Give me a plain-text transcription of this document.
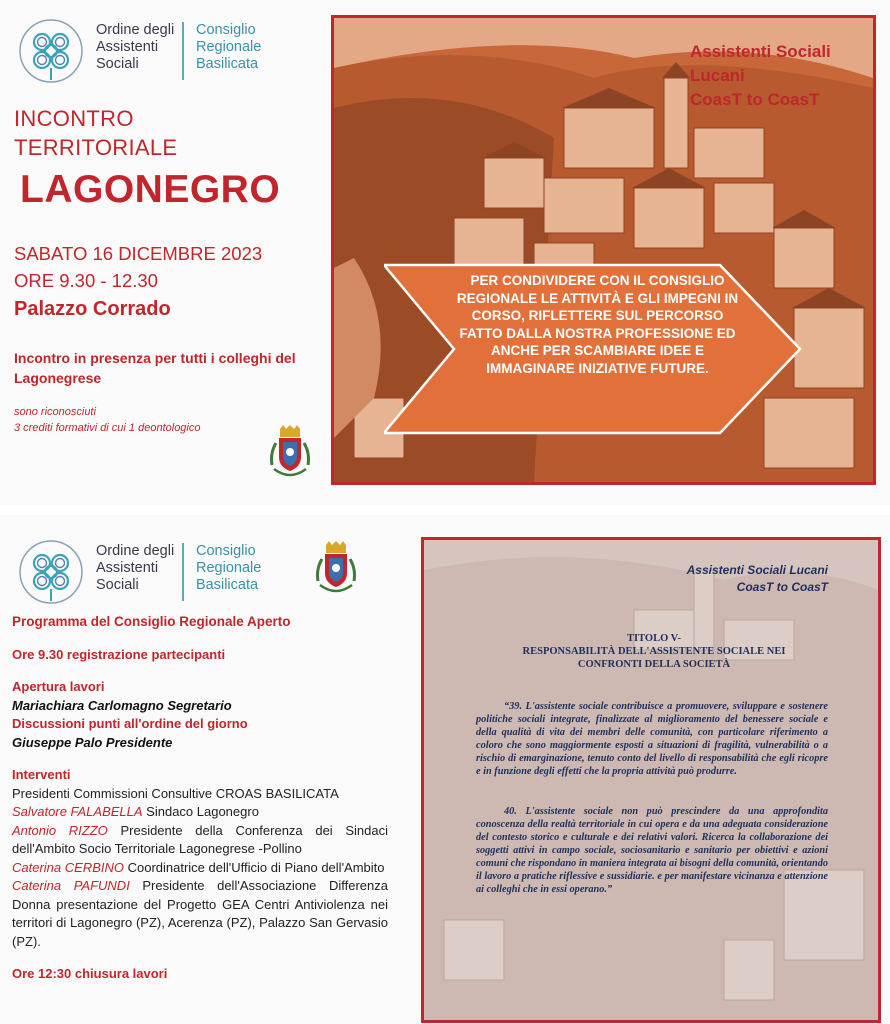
Ordine degli
Assistenti
Sociali
Consiglio
Regionale
Basilicata
INCONTRO
TERRITORIALE
LAGONEGRO
SABATO 16 DICEMBRE 2023
ORE 9.30 - 12.30
Palazzo Corrado
Incontro in presenza per tutti i colleghi del Lagonegrese
sono riconosciuti
3 crediti formativi di cui 1 deontologico
Assistenti Sociali
Lucani
CoasT to CoasT
PER CONDIVIDERE CON IL CONSIGLIO REGIONALE LE ATTIVITÀ E GLI IMPEGNI IN CORSO, RIFLETTERE SUL PERCORSO FATTO DALLA NOSTRA PROFESSIONE ED ANCHE PER SCAMBIARE IDEE E IMMAGINARE INIZIATIVE FUTURE.
Ordine degli
Assistenti
Sociali
Consiglio
Regionale
Basilicata
Programma del Consiglio Regionale Aperto
Ore 9.30 registrazione partecipanti
Apertura lavori
Mariachiara Carlomagno Segretario
Discussioni punti all'ordine del giorno
Giuseppe Palo Presidente
Interventi
Presidenti Commissioni Consultive CROAS BASILICATA
Salvatore FALABELLA Sindaco Lagonegro
Antonio RIZZO Presidente della Conferenza dei Sindaci dell'Ambito Socio Territoriale Lagonegrese -Pollino
Caterina CERBINO Coordinatrice dell'Ufficio di Piano dell'Ambito
Caterina PAFUNDI Presidente dell'Associazione Differenza Donna presentazione del Progetto GEA Centri Antiviolenza nei territori di Lagonegro (PZ), Acerenza (PZ), Palazzo San Gervasio (PZ).
Ore 12:30 chiusura lavori
Assistenti Sociali Lucani
CoasT to CoasT
TITOLO V-
RESPONSABILITÀ DELL'ASSISTENTE SOCIALE NEI
CONFRONTI DELLA SOCIETÀ
“39. L'assistente sociale contribuisce a promuovere, sviluppare e sostenere politiche sociali integrate, finalizzate al miglioramento del benessere sociale e della qualità di vita dei membri delle comunità, con particolare riferimento a coloro che sono maggiormente esposti a situazioni di fragilità, vulnerabilità o a rischio di emarginazione, tenuto conto del livello di responsabilità che egli ricopre e in funzione degli effetti che la propria attività può produrre.
40. L'assistente sociale non può prescindere da una approfondita conoscenza della realtà territoriale in cui opera e da una adeguata considerazione del contesto storico e culturale e dei relativi valori. Ricerca la collaborazione dei soggetti attivi in campo sociale, sociosanitario e sanitario per obiettivi e azioni comuni che rispondano in maniera integrata ai bisogni della comunità, orientando il lavoro a pratiche riflessive e sussidiarie. e per manifestare vicinanza e attenzione ai colleghi che in essi operano.”
